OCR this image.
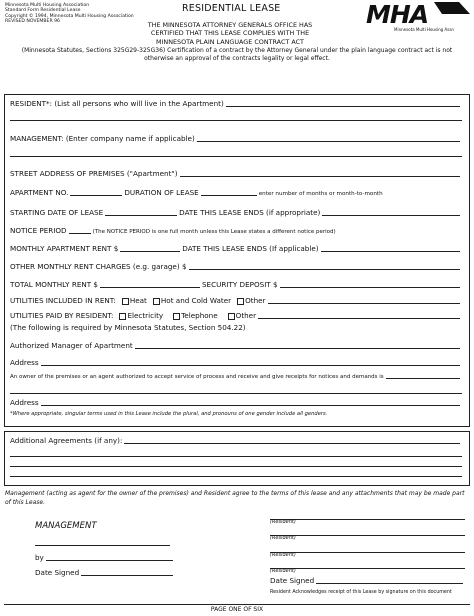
Minnesota Multi Housing Association
Standard Form Residential Lease
Copyright © 1994, Minnesota Multi Housing Association
REVISED NOVEMBER 96
RESIDENTIAL LEASE	MHA
Minnesota Multi Housing Assn
THE MINNESOTA ATTORNEY GENERALS OFFICE HAS
CERTIFIED THAT THIS LEASE COMPLIES WITH THE
MINNESOTA PLAIN LANGUAGE CONTRACT ACT
(Minnesota Statutes, Sections 325G29-325G36) Certification of a contract by the Attorney General under the plain language contract act is not otherwise an approval of the contracts legality or legal effect.
RESIDENT*: (List all persons who will live in the Apartment)
MANAGEMENT: (Enter company name if applicable)
STREET ADDRESS OF PREMISES ("Apartment")
APARTMENT NO.	DURATION OF LEASE	enter number of months or month-to-month
STARTING DATE OF LEASE	DATE THIS LEASE ENDS (if appropriate)
NOTICE PERIOD	(The NOTICE PERIOD is one full month unless this Lease states a different notice period)
MONTHLY APARTMENT RENT $	DATE THIS LEASE ENDS (If applicable)
OTHER MONTHLY RENT CHARGES (e.g. garage) $
TOTAL MONTHLY RENT $	SECURITY DEPOSIT $
UTILITIES INCLUDED IN RENT: Heat Hot and Cold Water Other
UTILITIES PAID BY RESIDENT: Electricity	Telephone	Other
(The following is required by Minnesota Statutes, Section 504.22)
Authorized Manager of Apartment
Address
An owner of the premises or an agent authorized to accept service of process and receive and give receipts for notices and demands is
Address
*Where appropriate, singular terms used in this Lease include the plural, and pronouns of one gender include all genders.
Additional Agreements (if any):
Management (acting as agent for the owner of the premises) and Resident agree to the terms of this lease and any attachments that may be made part of this Lease.
MANAGEMENT
by
Date Signed
(Resident)
(Resident)
(Resident)
(Resident)
Date Signed
Resident Acknowledges receipt of this Lease by signature on this document
PAGE ONE OF SIX
